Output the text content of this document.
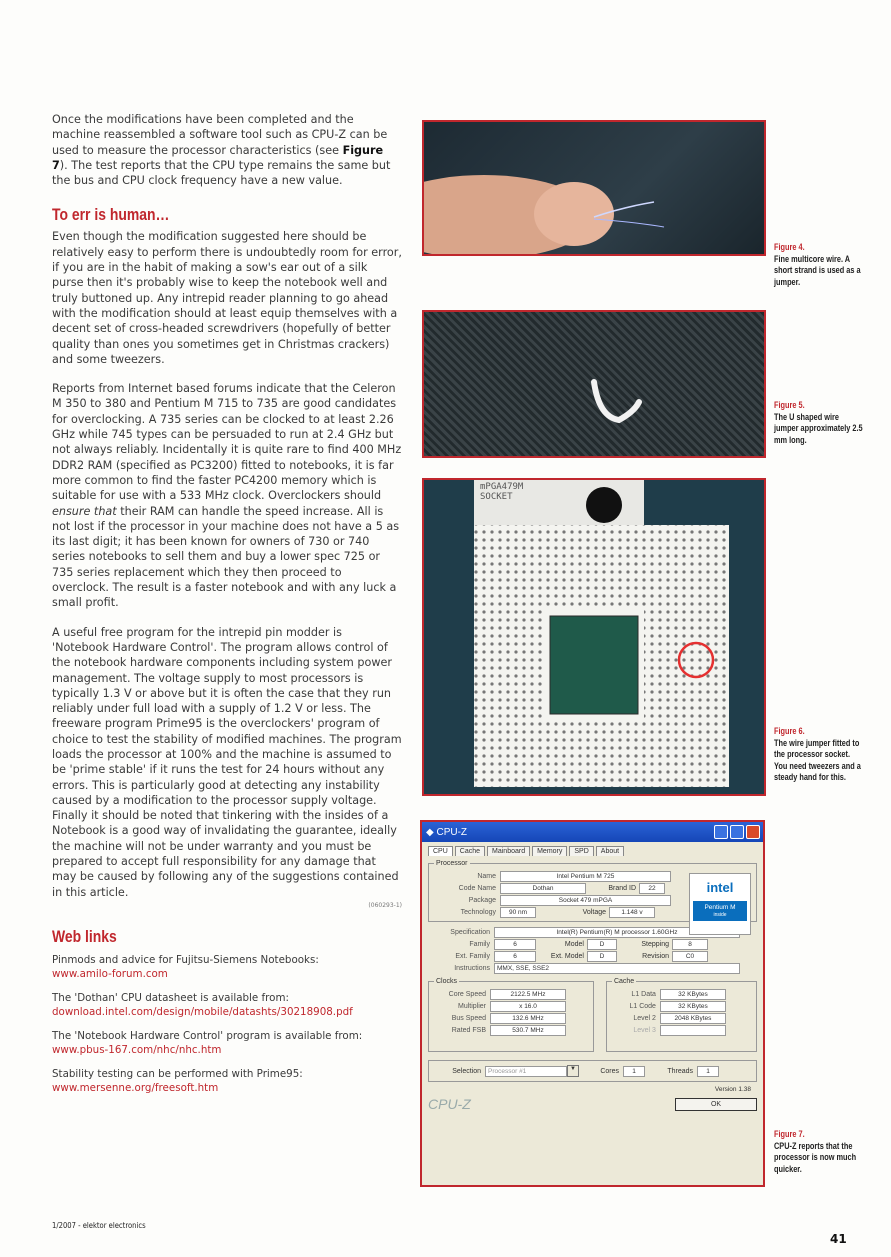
Once the modifications have been completed and the machine reassembled a software tool such as CPU-Z can be used to measure the processor characteristics (see Figure 7). The test reports that the CPU type remains the same but the bus and CPU clock frequency have a new value.

To err is human…

Even though the modification suggested here should be relatively easy to perform there is undoubtedly room for error, if you are in the habit of making a sow's ear out of a silk purse then it's probably wise to keep the notebook well and truly buttoned up. Any intrepid reader planning to go ahead with the modification should at least equip themselves with a decent set of cross-headed screwdrivers (hopefully of better quality than ones you sometimes get in Christmas crackers) and some tweezers.

Reports from Internet based forums indicate that the Celeron M 350 to 380 and Pentium M 715 to 735 are good candidates for overclocking. A 735 series can be clocked to at least 2.26 GHz while 745 types can be persuaded to run at 2.4 GHz but not always reliably. Incidentally it is quite rare to find 400 MHz DDR2 RAM (specified as PC3200) fitted to notebooks, it is far more common to find the faster PC4200 memory which is suitable for use with a 533 MHz clock. Overclockers should ensure that their RAM can handle the speed increase. All is not lost if the processor in your machine does not have a 5 as its last digit; it has been known for owners of 730 or 740 series notebooks to sell them and buy a lower spec 725 or 735 series replacement which they then proceed to overclock. The result is a faster notebook and with any luck a small profit.

A useful free program for the intrepid pin modder is 'Notebook Hardware Control'. The program allows control of the notebook hardware components including system power management. The voltage supply to most processors is typically 1.3 V or above but it is often the case that they run reliably under full load with a supply of 1.2 V or less. The freeware program Prime95 is the overclockers' program of choice to test the stability of modified machines. The program loads the processor at 100% and the machine is assumed to be 'prime stable' if it runs the test for 24 hours without any errors. This is particularly good at detecting any instability caused by a modification to the processor supply voltage.

Finally it should be noted that tinkering with the insides of a Notebook is a good way of invalidating the guarantee, ideally the machine will not be under warranty and you must be prepared to accept full responsibility for any damage that may be caused by following any of the suggestions contained in this article.

(060293-1)

Web links

Pinmods and advice for Fujitsu-Siemens Notebooks:

www.amilo-forum.com

The 'Dothan' CPU datasheet is available from:

download.intel.com/design/mobile/datashts/30218908.pdf

The 'Notebook Hardware Control' program is available from:

www.pbus-167.com/nhc/nhc.htm

Stability testing can be performed with Prime95:

www.mersenne.org/freesoft.htm

Figure 4.
Fine multicore wire. A short strand is used as a jumper.
Figure 5.
The U shaped wire jumper approximately 2.5 mm long.
mPGA479M
SOCKET
Figure 6.
The wire jumper fitted to the processor socket. You need tweezers and a steady hand for this.
◆ CPU-Z
CPU	Cache	Mainboard	Memory	SPD	About
Processor
Name	Intel Pentium M 725
Code Name	Dothan	Brand ID	22
Package	Socket 479 mPGA
Technology	90 nm	Voltage	1.148 v
intel
Pentium M
inside
Specification	Intel(R) Pentium(R) M processor 1.60GHz
Family	6	Model	D	Stepping	8
Ext. Family	6	Ext. Model	D	Revision	C0
Instructions	MMX, SSE, SSE2
Clocks
Core Speed	2122.5 MHz
Multiplier	x 16.0
Bus Speed	132.6 MHz
Rated FSB	530.7 MHz
Cache
L1 Data	32 KBytes
L1 Code	32 KBytes
Level 2	2048 KBytes
Level 3
Selection	Processor #1	▼	Cores	1	Threads	1
Version 1.38
CPU-Z	OK
Figure 7.
CPU-Z reports that the processor is now much quicker.
1/2007 - elektor electronics
41
